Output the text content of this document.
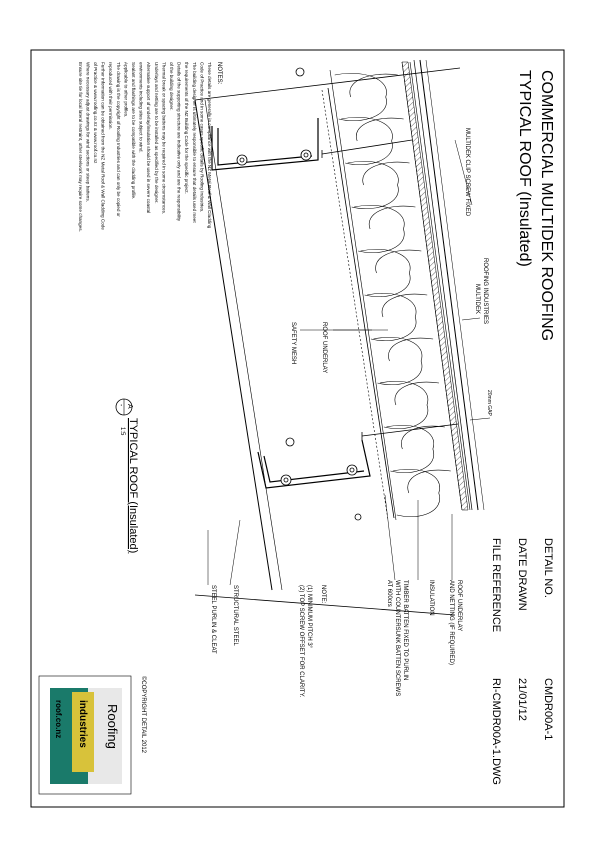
COMMERCIAL MULTIDEK ROOFING
TYPICAL ROOF (Insulated)
DETAIL NO.
CMDR00A-1
DATE DRAWN
21/01/12
FILE REFERENCE
RI-CMDR00A-1.DWG
MULTIDEK CLIP SCREW FIXED
ROOFING INDUSTRIES
MULTIDEK
ROOF UNDERLAY
SAFETY MESH
20mm GAP
ROOF UNDERLAY
AND NETTING (IF REQUIRED)
INSULATION
TIMBER BATTEN FIXED TO PURLIN
WITH COUNTERSUNK BATTEN SCREWS
AT 600crs
STRUCTURAL STEEL
STEEL PURLIN & CLEAT	NOTE:
(1) MINIMUM PITCH 3°
(2) TOP SCREW OFFSET FOR CLARITY.
©COPYRIGHT DETAIL 2012
A
-
1:5 TYPICAL ROOF (Insulated)
NOTES:
These details are generally in compliance with the NZ Metal Roof & Wall Cladding
Code of Practice and in some cases specific details by Roofing Industries.
The building designer is ultimately responsible to ensure that details used meet
the requirements of the NZ Building Code for the specific project.
Details of the supporting structure are indicative only and are the responsibility
of the building designer.
Thermal break or spacing battens may be required in some circumstances.
Underlays and netting are to be installed as specified by the designer.
Alternative support of underlay/insulation should be used in severe coastal
environments including sites subject to wind.
Sealant and flashings are to be compatible with the cladding profile.
Applicable to other profiles.
The drawing is the copyright of Roofing Industries and can only be copied or
reproduced with their permission.
Further information can be obtained from the NZ Metal Roof & Wall Cladding Code
of Practice & www.roofing.co.nz & www.roof.co.nz
Where necessary adjust drawings for wind sections or steep battens.
Ensure site tie for local lateral restraint, other steelwork may require some changes.
Roofing
industries
roof.co.nz
